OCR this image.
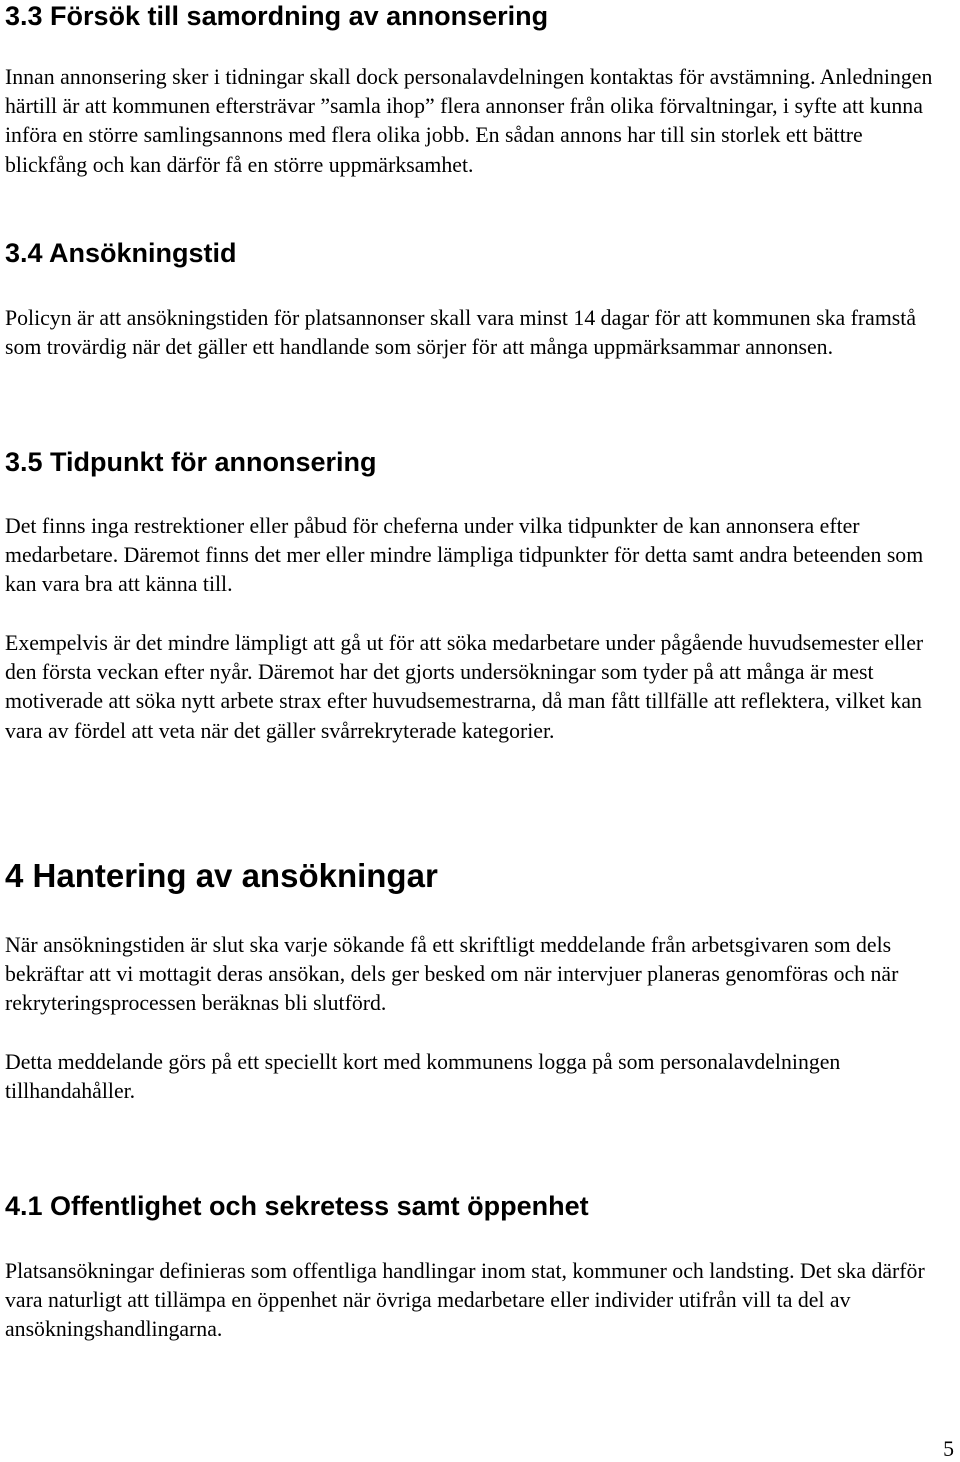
3.3 Försök till samordning av annonsering

Innan annonsering sker i tidningar skall dock personalavdelningen kontaktas för avstämning. Anledningen härtill är att kommunen eftersträvar ”samla ihop” flera annonser från olika förvaltningar, i syfte att kunna införa en större samlingsannons med flera olika jobb. En sådan annons har till sin storlek ett bättre blickfång och kan därför få en större uppmärksamhet.

3.4 Ansökningstid

Policyn är att ansökningstiden för platsannonser skall vara minst 14 dagar för att kommunen ska framstå som trovärdig när det gäller ett handlande som sörjer för att många uppmärksammar annonsen.

3.5 Tidpunkt för annonsering

Det finns inga restrektioner eller påbud för cheferna under vilka tidpunkter de kan annonsera efter medarbetare. Däremot finns det mer eller mindre lämpliga tidpunkter för detta samt andra beteenden som kan vara bra att känna till.

Exempelvis är det mindre lämpligt att gå ut för att söka medarbetare under pågående huvudsemester eller den första veckan efter nyår. Däremot har det gjorts undersökningar som tyder på att många är mest motiverade att söka nytt arbete strax efter huvudsemestrarna, då man fått tillfälle att reflektera, vilket kan vara av fördel att veta när det gäller svårrekryterade kategorier.

4 Hantering av ansökningar

När ansökningstiden är slut ska varje sökande få ett skriftligt meddelande från arbetsgivaren som dels bekräftar att vi mottagit deras ansökan, dels ger besked om när intervjuer planeras genomföras och när rekryteringsprocessen beräknas bli slutförd.

Detta meddelande görs på ett speciellt kort med kommunens logga på som personalavdelningen tillhandahåller.

4.1 Offentlighet och sekretess samt öppenhet

Platsansökningar definieras som offentliga handlingar inom stat, kommuner och landsting. Det ska därför vara naturligt att tillämpa en öppenhet när övriga medarbetare eller individer utifrån vill ta del av ansökningshandlingarna.

5
